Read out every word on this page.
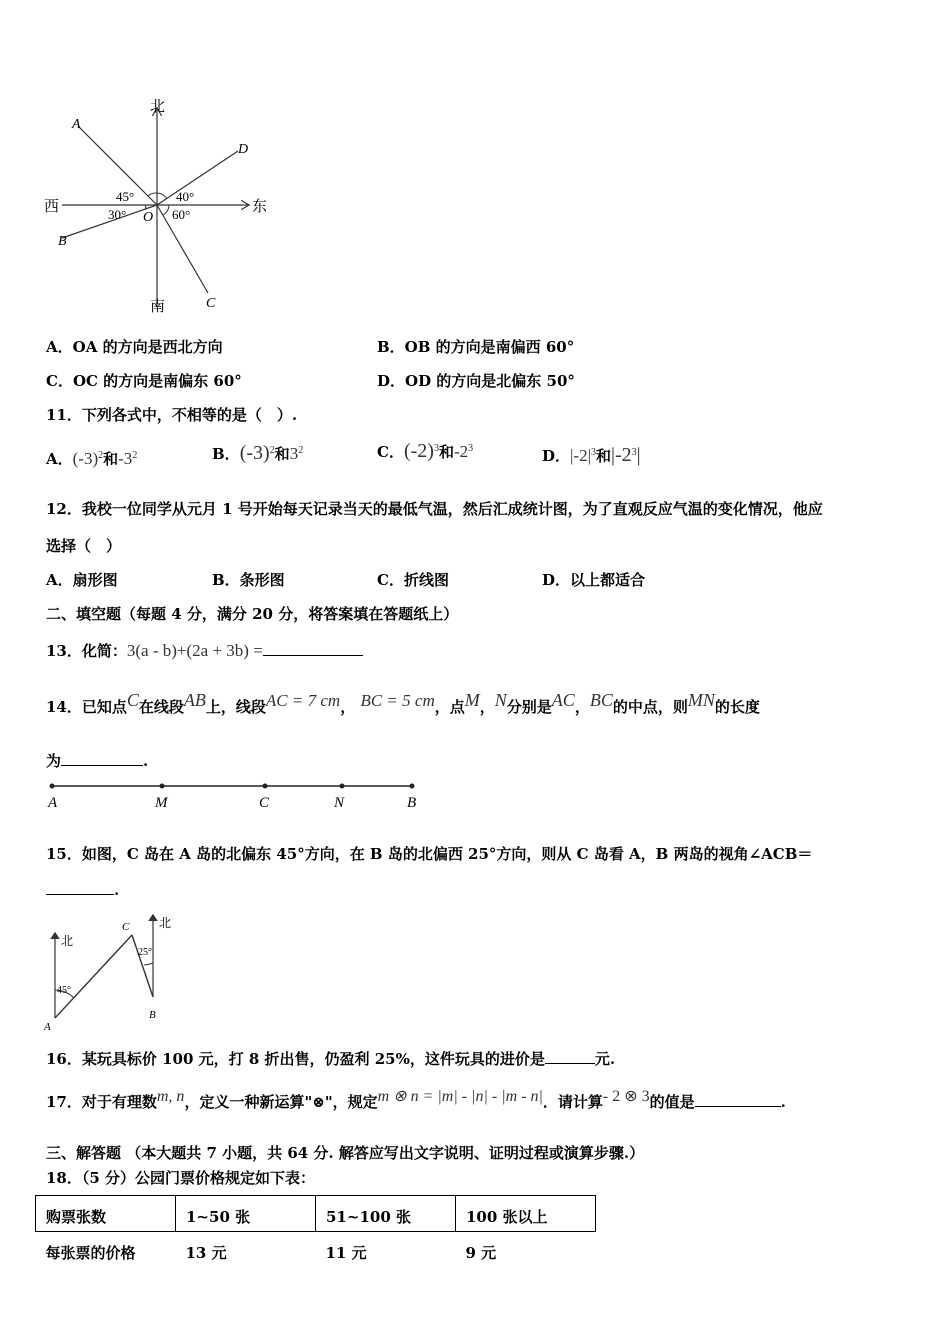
北
南
西	东
A
B
C
D
O
45°	40°
30°	60°
A．OA 的方向是西北方向	B．OB 的方向是南偏西 60°
C．OC 的方向是南偏东 60°	D．OD 的方向是北偏东 50°
11．下列各式中，不相等的是（　）.
A．$(-3)^2$和$-3^2$	B．$(-3)^2$和$3^2$	C．$(-2)^3$和$-2^3$	D．$|-2|^3$和$|-2^3|$
12．我校一位同学从元月 1 号开始每天记录当天的最低气温，然后汇成统计图，为了直观反应气温的变化情况，他应
选择（　）
A．扇形图	B．条形图	C．折线图	D．以上都适合
二、填空题（每题 4 分，满分 20 分，将答案填在答题纸上）
13．化简：3(a - b)+(2a + 3b) =
14．已知点$^C$在线段$^{AB}$上，线段$^{AC = 7 cm}$， $^{BC = 5 cm}$，点$^M$，$^N$分别是$^{AC}$，$^{BC}$的中点，则$^{MN}$的长度
为	.
A	M	C	N	B
15．如图，C 岛在 A 岛的北偏东 45°方向，在 B 岛的北偏西 25°方向，则从 C 岛看 A，B 两岛的视角∠ACB＝
.
北
北
A
B
C
45°
25°
16．某玩具标价 100 元，打 8 折出售，仍盈利 25%，这件玩具的进价是	元.
17．对于有理数$^{m, n}$，定义一种新运算"⊗"，规定$^{m \otimes n = |m| - |n| - |m - n|}$．请计算$^{- 2 \otimes 3}$的值是	.
三、解答题 （本大题共 7 小题，共 64 分. 解答应写出文字说明、证明过程或演算步骤.）
18．（5 分）公园门票价格规定如下表：
购票张数	1~50 张	51~100 张	100 张以上
每张票的价格	13 元	11 元	9 元
